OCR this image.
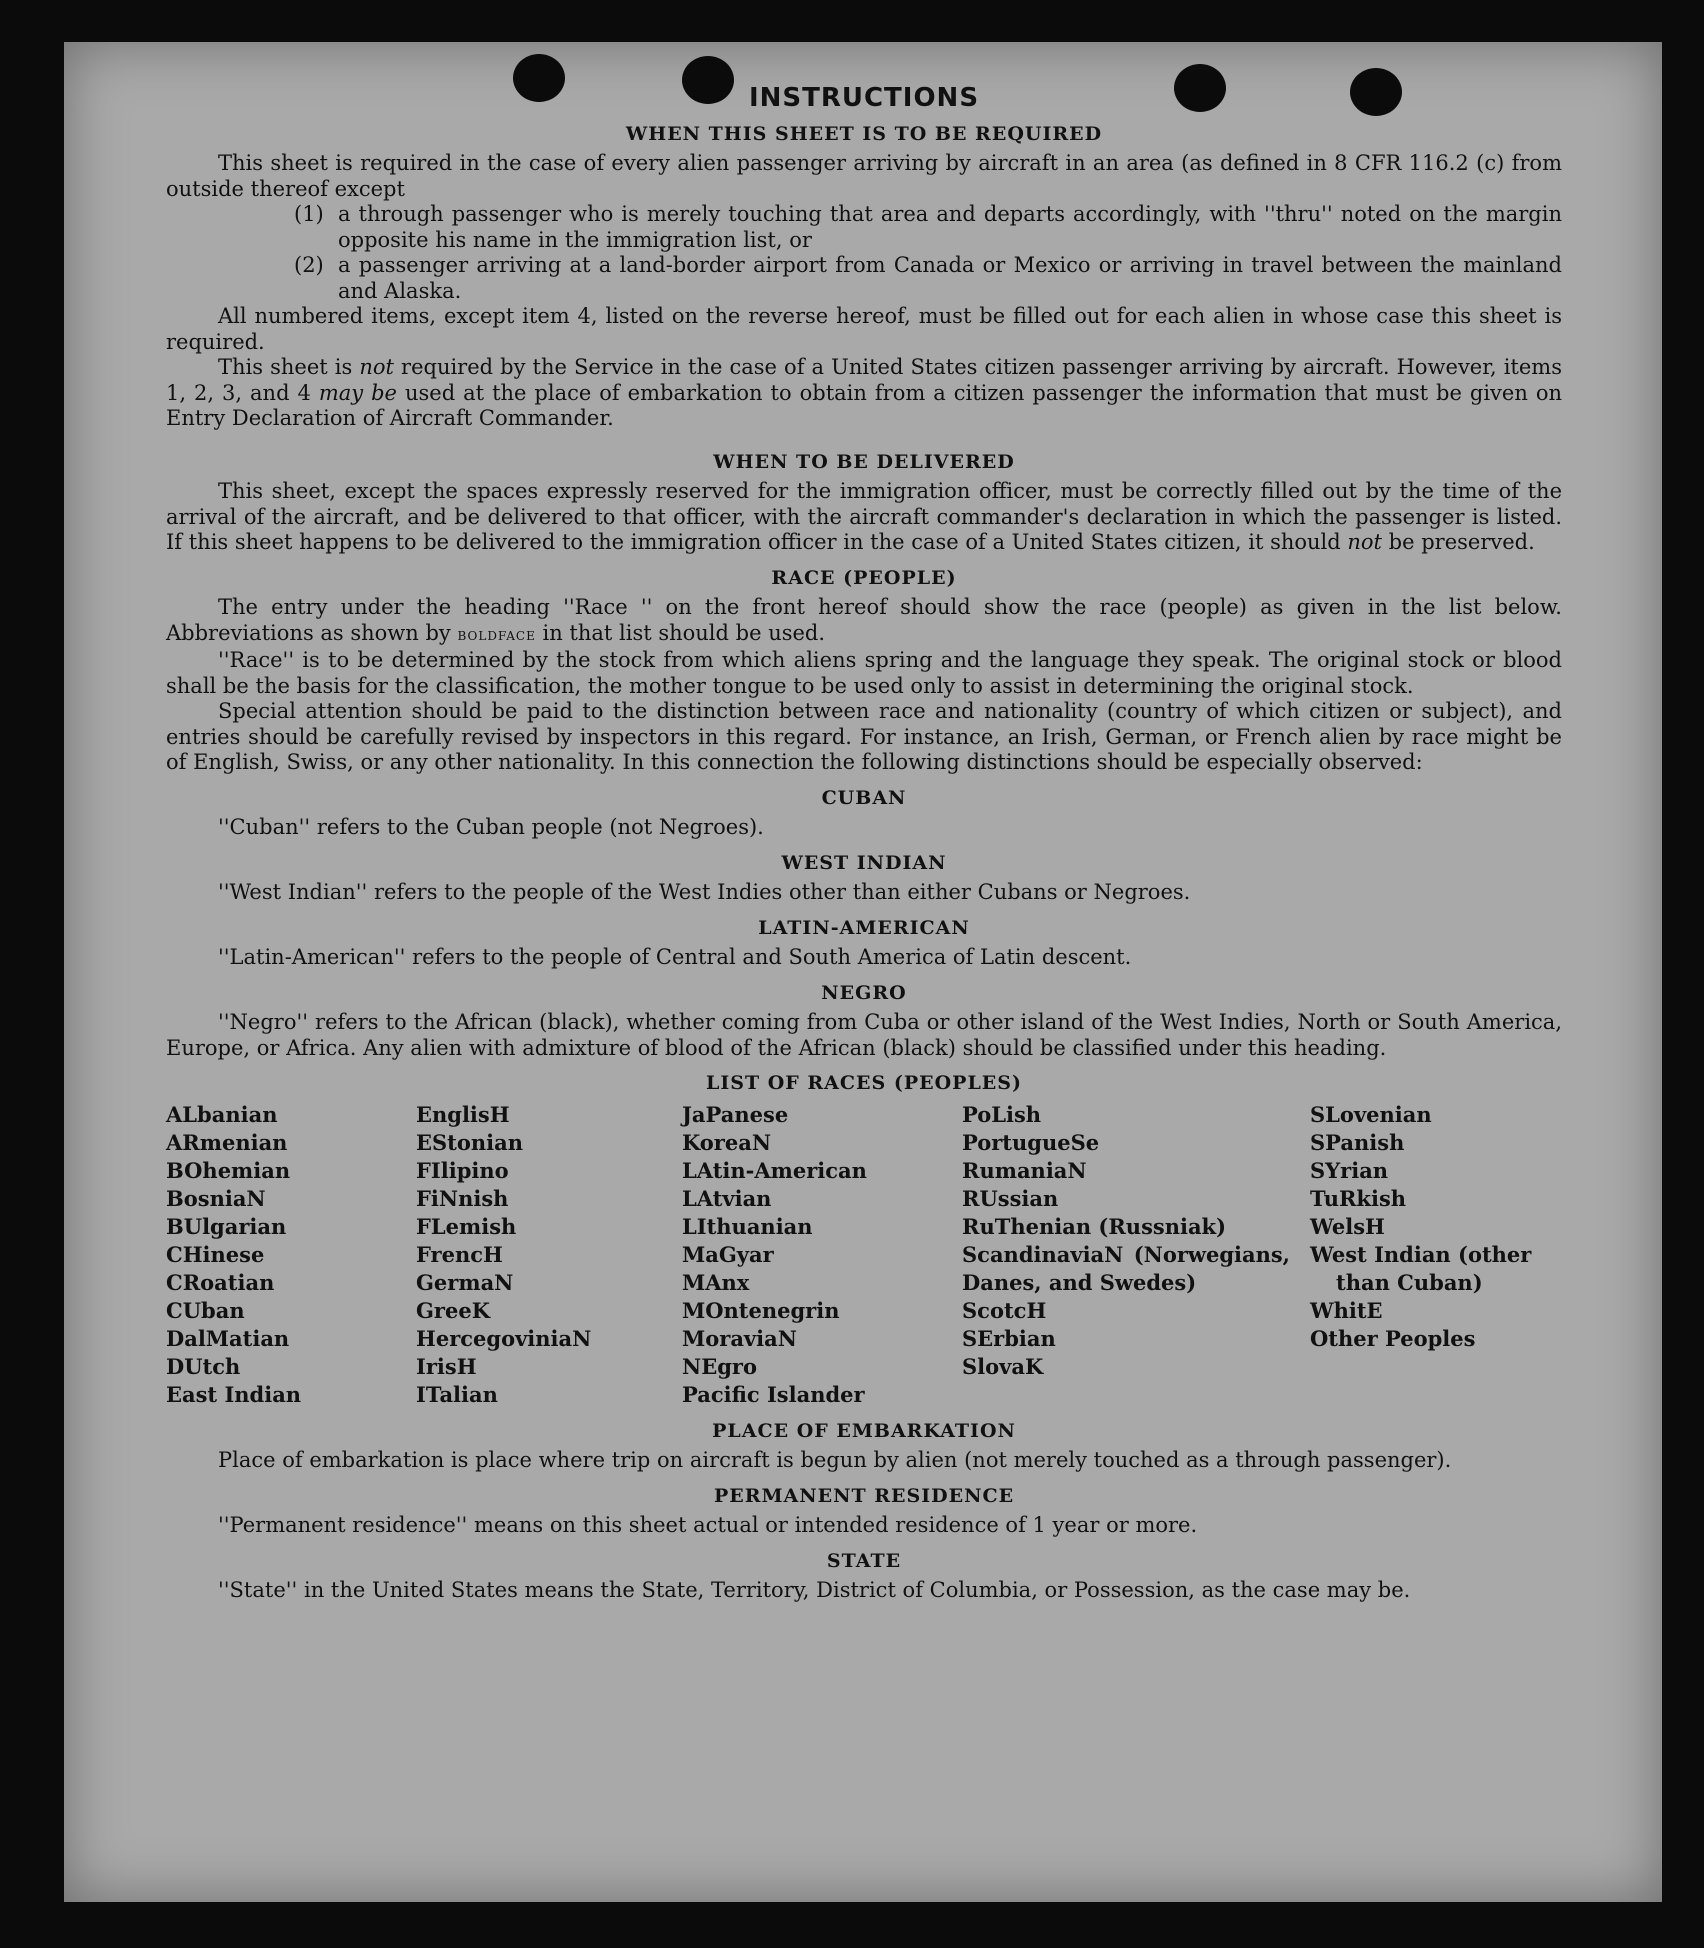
INSTRUCTIONS
WHEN THIS SHEET IS TO BE REQUIRED

This sheet is required in the case of every alien passenger arriving by aircraft in an area (as defined in 8 CFR 116.2 (c) from outside thereof except

(1) a through passenger who is merely touching that area and departs accordingly, with ''thru'' noted on the margin opposite his name in the immigration list, or
(2) a passenger arriving at a land-border airport from Canada or Mexico or arriving in travel between the mainland and Alaska.

All numbered items, except item 4, listed on the reverse hereof, must be filled out for each alien in whose case this sheet is required.

This sheet is not required by the Service in the case of a United States citizen passenger arriving by aircraft. However, items 1, 2, 3, and 4 may be used at the place of embarkation to obtain from a citizen passenger the information that must be given on Entry Declaration of Aircraft Commander.

WHEN TO BE DELIVERED

This sheet, except the spaces expressly reserved for the immigration officer, must be correctly filled out by the time of the arrival of the aircraft, and be delivered to that officer, with the aircraft commander's declaration in which the passenger is listed. If this sheet happens to be delivered to the immigration officer in the case of a United States citizen, it should not be preserved.

RACE (PEOPLE)

The entry under the heading ''Race '' on the front hereof should show the race (people) as given in the list below. Abbreviations as shown by boldface in that list should be used.

''Race'' is to be determined by the stock from which aliens spring and the language they speak. The original stock or blood shall be the basis for the classification, the mother tongue to be used only to assist in determining the original stock.

Special attention should be paid to the distinction between race and nationality (country of which citizen or subject), and entries should be carefully revised by inspectors in this regard. For instance, an Irish, German, or French alien by race might be of English, Swiss, or any other nationality. In this connection the following distinctions should be especially observed:

CUBAN

''Cuban'' refers to the Cuban people (not Negroes).

WEST INDIAN

''West Indian'' refers to the people of the West Indies other than either Cubans or Negroes.

LATIN-AMERICAN

''Latin-American'' refers to the people of Central and South America of Latin descent.

NEGRO

''Negro'' refers to the African (black), whether coming from Cuba or other island of the West Indies, North or South America, Europe, or Africa. Any alien with admixture of blood of the African (black) should be classified under this heading.

LIST OF RACES (PEOPLES)
ALbanian
ARmenian
BOhemian
BosniaN
BUlgarian
CHinese
CRoatian
CUban
DalMatian
DUtch
East Indian
EnglisH
EStonian
FIlipino
FiNnish
FLemish
FrencH
GermaN
GreeK
HercegoviniaN
IrisH
ITalian
JaPanese
KoreaN
LAtin-American
LAtvian
LIthuanian
MaGyar
MAnx
MOntenegrin
MoraviaN
NEgro
Pacific Islander
PoLish
PortugueSe
RumaniaN
RUssian
RuThenian (Russniak)
ScandinaviaN (Norwegians, Danes, and Swedes)
ScotcH
SErbian
SlovaK
SLovenian
SPanish
SYrian
TuRkish
WelsH
West Indian (other
than Cuban)
WhitE
Other Peoples
PLACE OF EMBARKATION

Place of embarkation is place where trip on aircraft is begun by alien (not merely touched as a through passenger).

PERMANENT RESIDENCE

''Permanent residence'' means on this sheet actual or intended residence of 1 year or more.

STATE

''State'' in the United States means the State, Territory, District of Columbia, or Possession, as the case may be.
